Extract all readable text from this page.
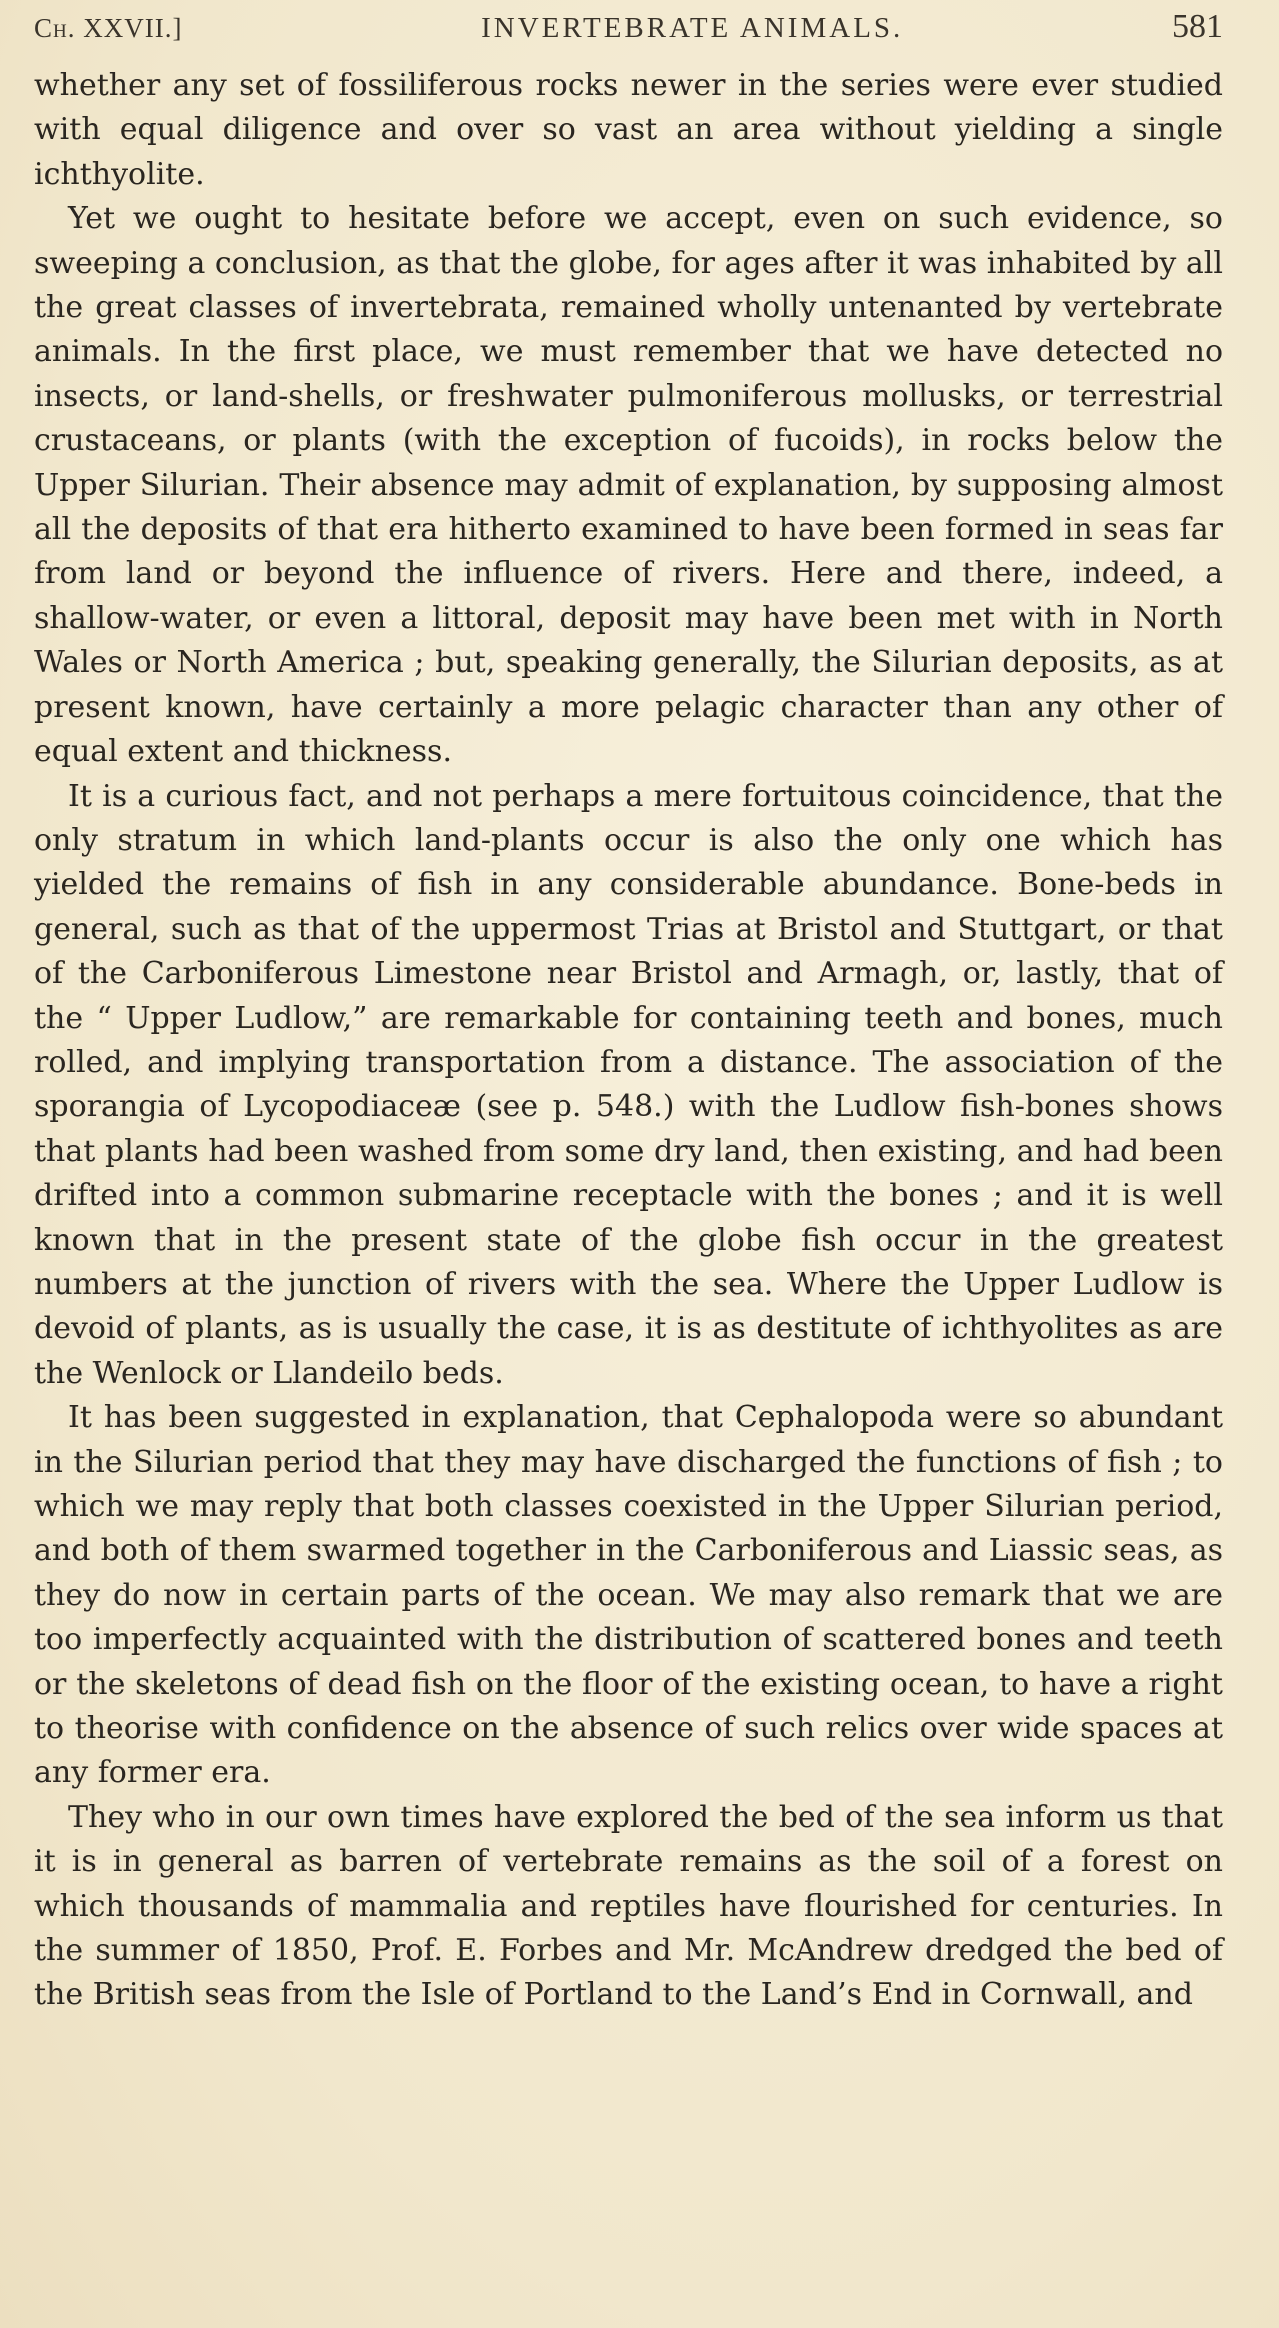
Ch. XXVII.]	INVERTEBRATE ANIMALS.	581

whether any set of fossiliferous rocks newer in the series were ever studied with equal diligence and over so vast an area without yielding a single ichthyolite.

Yet we ought to hesitate before we accept, even on such evidence, so sweeping a conclusion, as that the globe, for ages after it was inhabited by all the great classes of invertebrata, remained wholly untenanted by vertebrate animals. In the first place, we must remember that we have detected no insects, or land-shells, or freshwater pulmoniferous mollusks, or terrestrial crustaceans, or plants (with the exception of fucoids), in rocks below the Upper Silurian. Their absence may admit of explanation, by supposing almost all the deposits of that era hitherto examined to have been formed in seas far from land or beyond the influence of rivers. Here and there, indeed, a shallow-water, or even a littoral, deposit may have been met with in North Wales or North America ; but, speaking generally, the Silurian deposits, as at present known, have certainly a more pelagic character than any other of equal extent and thickness.

It is a curious fact, and not perhaps a mere fortuitous coincidence, that the only stratum in which land-plants occur is also the only one which has yielded the remains of fish in any considerable abundance. Bone-beds in general, such as that of the uppermost Trias at Bristol and Stuttgart, or that of the Carboniferous Limestone near Bristol and Armagh, or, lastly, that of the “ Upper Ludlow,” are remarkable for containing teeth and bones, much rolled, and implying transportation from a distance. The association of the sporangia of Lycopodiaceæ (see p. 548.) with the Ludlow fish-bones shows that plants had been washed from some dry land, then existing, and had been drifted into a common submarine receptacle with the bones ; and it is well known that in the present state of the globe fish occur in the greatest numbers at the junction of rivers with the sea. Where the Upper Ludlow is devoid of plants, as is usually the case, it is as destitute of ichthyolites as are the Wenlock or Llandeilo beds.

It has been suggested in explanation, that Cephalopoda were so abundant in the Silurian period that they may have discharged the functions of fish ; to which we may reply that both classes coexisted in the Upper Silurian period, and both of them swarmed together in the Carboniferous and Liassic seas, as they do now in certain parts of the ocean. We may also remark that we are too imperfectly acquainted with the distribution of scattered bones and teeth or the skeletons of dead fish on the floor of the existing ocean, to have a right to theorise with confidence on the absence of such relics over wide spaces at any former era.

They who in our own times have explored the bed of the sea inform us that it is in general as barren of vertebrate remains as the soil of a forest on which thousands of mammalia and reptiles have flourished for centuries. In the summer of 1850, Prof. E. Forbes and Mr. McAndrew dredged the bed of the British seas from the Isle of Portland to the Land’s End in Cornwall, and
